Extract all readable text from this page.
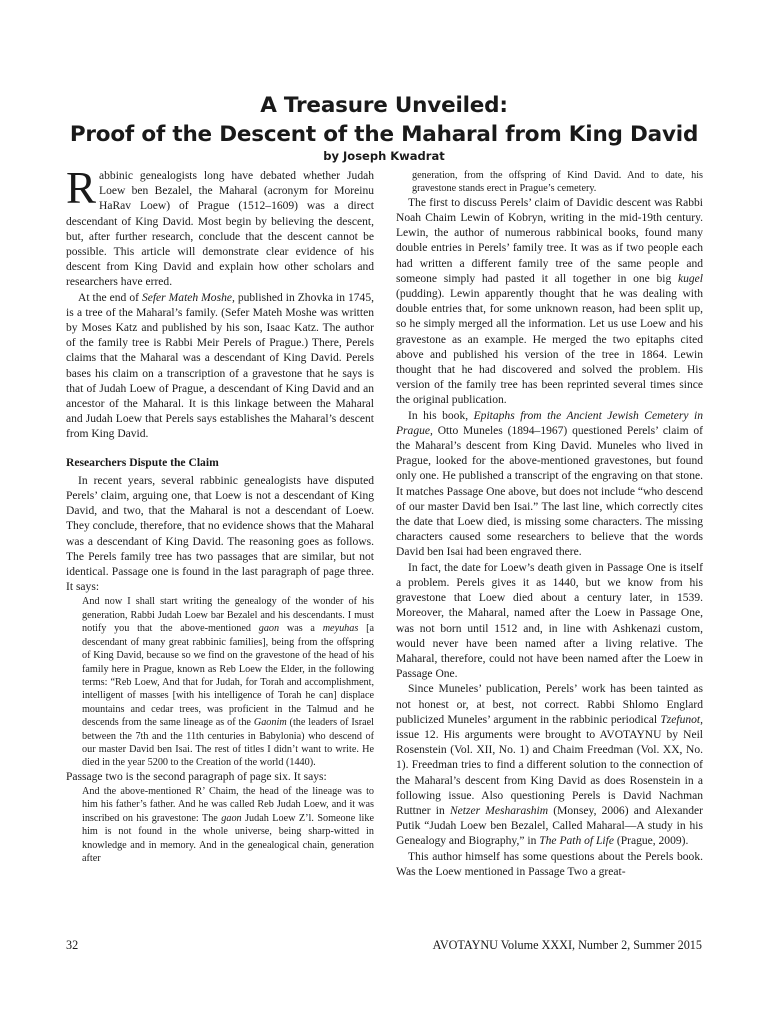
A Treasure Unveiled:
Proof of the Descent of the Maharal from King David
by Joseph Kwadrat

Rabbinic genealogists long have debated whether Judah Loew ben Bezalel, the Maharal (acronym for Moreinu HaRav Loew) of Prague (1512–1609) was a direct descendant of King David. Most begin by believing the descent, but, after further research, conclude that the descent cannot be possible. This article will demonstrate clear evidence of his descent from King David and explain how other scholars and researchers have erred.

At the end of Sefer Mateh Moshe, published in Zhovka in 1745, is a tree of the Maharal’s family. (Sefer Mateh Moshe was written by Moses Katz and published by his son, Isaac Katz. The author of the family tree is Rabbi Meir Perels of Prague.) There, Perels claims that the Maharal was a descendant of King David. Perels bases his claim on a transcription of a gravestone that he says is that of Judah Loew of Prague, a descendant of King David and an ancestor of the Maharal. It is this linkage between the Maharal and Judah Loew that Perels says establishes the Maharal’s descent from King David.

Researchers Dispute the Claim

In recent years, several rabbinic genealogists have disputed Perels’ claim, arguing one, that Loew is not a descendant of King David, and two, that the Maharal is not a descendant of Loew. They conclude, therefore, that no evidence shows that the Maharal was a descendant of King David. The reasoning goes as follows. The Perels family tree has two passages that are similar, but not identical. Passage one is found in the last paragraph of page three. It says:

And now I shall start writing the genealogy of the wonder of his generation, Rabbi Judah Loew bar Bezalel and his descendants. I must notify you that the above-mentioned gaon was a meyuhas [a descendant of many great rabbinic families], being from the offspring of King David, because so we find on the gravestone of the head of his family here in Prague, known as Reb Loew the Elder, in the following terms: “Reb Loew, And that for Judah, for Torah and accomplishment, intelligent of masses [with his intelligence of Torah he can] displace mountains and cedar trees, was proficient in the Talmud and he descends from the same lineage as of the Gaonim (the leaders of Israel between the 7th and the 11th centuries in Babylonia) who descend of our master David ben Isai. The rest of titles I didn’t want to write. He died in the year 5200 to the Creation of the world (1440).

Passage two is the second paragraph of page six. It says:

And the above-mentioned R’ Chaim, the head of the lineage was to him his father’s father. And he was called Reb Judah Loew, and it was inscribed on his gravestone: The gaon Judah Loew Z’l. Someone like him is not found in the whole universe, being sharp-witted in knowledge and in memory. And in the genealogical chain, generation after

generation, from the offspring of Kind David. And to date, his gravestone stands erect in Prague’s cemetery.

The first to discuss Perels’ claim of Davidic descent was Rabbi Noah Chaim Lewin of Kobryn, writing in the mid-19th century. Lewin, the author of numerous rabbinical books, found many double entries in Perels’ family tree. It was as if two people each had written a different family tree of the same people and someone simply had pasted it all together in one big kugel (pudding). Lewin apparently thought that he was dealing with double entries that, for some unknown reason, had been split up, so he simply merged all the information. Let us use Loew and his gravestone as an example. He merged the two epitaphs cited above and published his version of the tree in 1864. Lewin thought that he had discovered and solved the problem. His version of the family tree has been reprinted several times since the original publication.

In his book, Epitaphs from the Ancient Jewish Cemetery in Prague, Otto Muneles (1894–1967) questioned Perels’ claim of the Maharal’s descent from King David. Muneles who lived in Prague, looked for the above-mentioned gravestones, but found only one. He published a transcript of the engraving on that stone. It matches Passage One above, but does not include “who descend of our master David ben Isai.” The last line, which correctly cites the date that Loew died, is missing some characters. The missing characters caused some researchers to believe that the words David ben Isai had been engraved there.

In fact, the date for Loew’s death given in Passage One is itself a problem. Perels gives it as 1440, but we know from his gravestone that Loew died about a century later, in 1539. Moreover, the Maharal, named after the Loew in Passage One, was not born until 1512 and, in line with Ashkenazi custom, would never have been named after a living relative. The Maharal, therefore, could not have been named after the Loew in Passage One.

Since Muneles’ publication, Perels’ work has been tainted as not honest or, at best, not correct. Rabbi Shlomo Englard publicized Muneles’ argument in the rabbinic periodical Tzefunot, issue 12. His arguments were brought to AVOTAYNU by Neil Rosenstein (Vol. XII, No. 1) and Chaim Freedman (Vol. XX, No. 1). Freedman tries to find a different solution to the connection of the Maharal’s descent from King David as does Rosenstein in a following issue. Also questioning Perels is David Nachman Ruttner in Netzer Mesharashim (Monsey, 2006) and Alexander Putik “Judah Loew ben Bezalel, Called Maharal—A study in his Genealogy and Biography,” in The Path of Life (Prague, 2009).

This author himself has some questions about the Perels book. Was the Loew mentioned in Passage Two a great-

32	AVOTAYNU Volume XXXI, Number 2, Summer 2015
